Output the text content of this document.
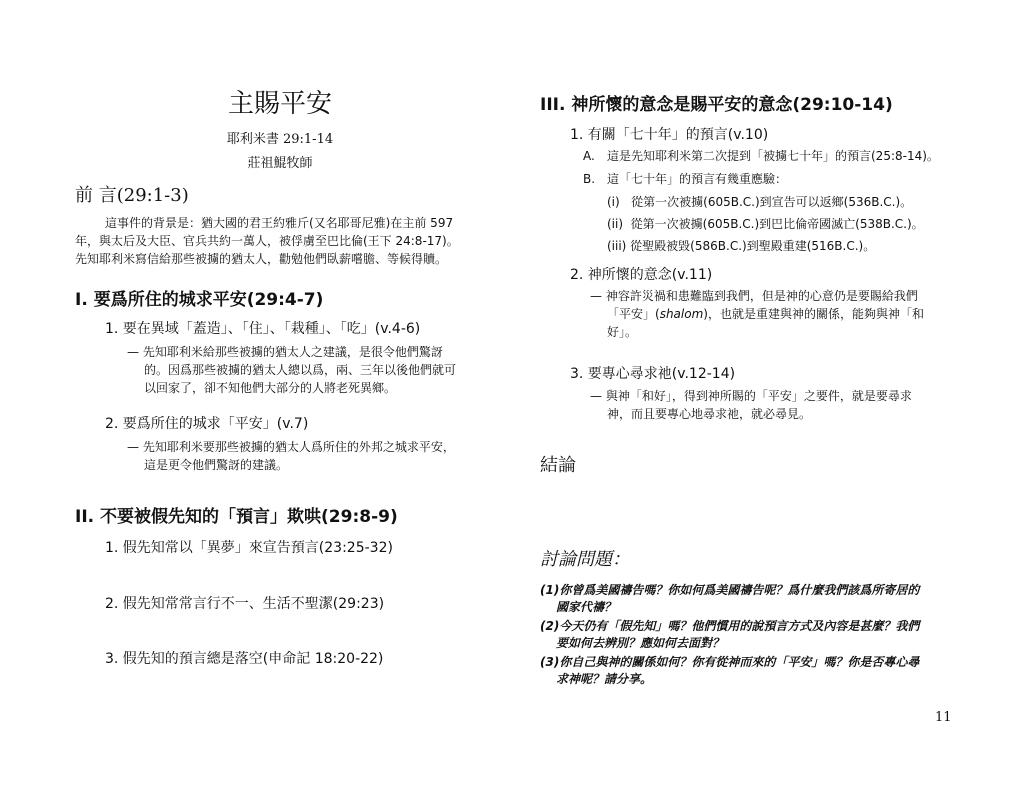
主賜平安
耶利米書 29:1-14
莊祖鯤牧師
前 言(29:1-3)
這事件的背景是：猶大國的君王約雅斤(又名耶哥尼雅)在主前 597
年，與太后及大臣、官兵共約一萬人，被俘虜至巴比倫(王下 24:8-17)。
先知耶利米寫信給那些被擄的猶太人，勸勉他們臥薪嚐膽、等候得贖。
I. 要爲所住的城求平安(29:4-7)
1. 要在異域「蓋造」、「住」、「栽種」、「吃」(v.4-6)
— 先知耶利米給那些被擄的猶太人之建議，是很令他們驚訝
的。因爲那些被擄的猶太人總以爲，兩、三年以後他們就可
以回家了，卻不知他們大部分的人將老死異鄉。
2. 要爲所住的城求「平安」(v.7)
— 先知耶利米要那些被擄的猶太人爲所住的外邦之城求平安，
這是更令他們驚訝的建議。
II. 不要被假先知的「預言」欺哄(29:8-9)
1. 假先知常以「異夢」來宣告預言(23:25-32)
2. 假先知常常言行不一、生活不聖潔(29:23)
3. 假先知的預言總是落空(申命記 18:20-22)
III. 神所懷的意念是賜平安的意念(29:10-14)
1. 有關「七十年」的預言(v.10)
A. 這是先知耶利米第二次提到「被擄七十年」的預言(25:8-14)。
B. 這「七十年」的預言有幾重應驗：
(i)   從第一次被擄(605B.C.)到宣告可以返鄉(536B.C.)。
(ii)  從第一次被擄(605B.C.)到巴比倫帝國滅亡(538B.C.)。
(iii) 從聖殿被毀(586B.C.)到聖殿重建(516B.C.)。
2. 神所懷的意念(v.11)
— 神容許災禍和患難臨到我們，但是神的心意仍是要賜給我們
「平安」(shalom)，也就是重建與神的關係，能夠與神「和
好」。
3. 要專心尋求祂(v.12-14)
— 與神「和好」，得到神所賜的「平安」之要件，就是要尋求
神，而且要專心地尋求祂，就必尋見。
結論
討論問題：
(1)你曾爲美國禱告嗎？你如何爲美國禱告呢？爲什麼我們該爲所寄居的
國家代禱？
(2)今天仍有「假先知」嗎？他們慣用的說預言方式及內容是甚麼？我們
要如何去辨別？應如何去面對？
(3)你自己與神的關係如何？你有從神而來的「平安」嗎？你是否專心尋
求神呢？請分享。
11
